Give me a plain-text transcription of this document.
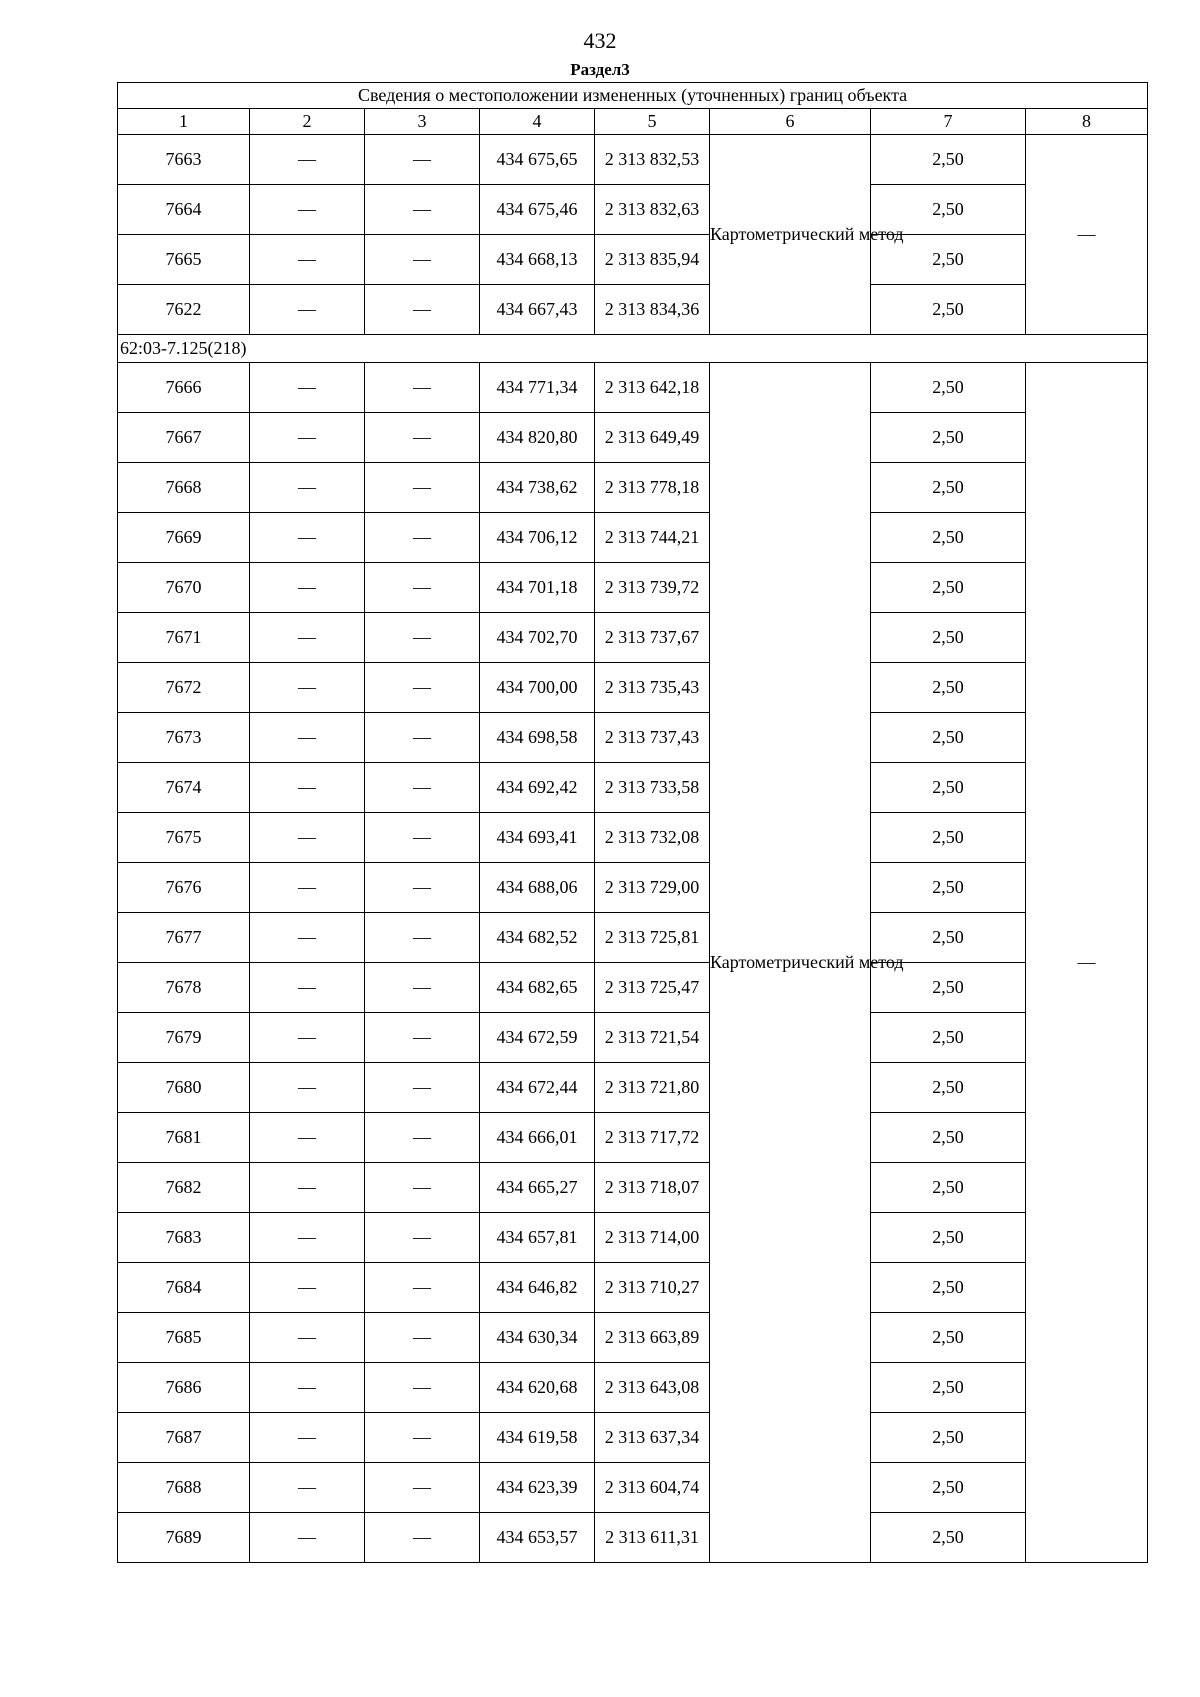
432
Раздел3
Сведения о местоположении измененных (уточненных) границ объекта							
1	2	3	4	5	6	7	8
7663	—	—	434 675,65	2 313 832,53	Картометрический метод	2,50	—
7664	—	—	434 675,46	2 313 832,63		2,50	
7665	—	—	434 668,13	2 313 835,94		2,50	
7622	—	—	434 667,43	2 313 834,36		2,50	
62:03-7.125(218)							
7666	—	—	434 771,34	2 313 642,18	Картометрический метод	2,50	—
7667	—	—	434 820,80	2 313 649,49		2,50	
7668	—	—	434 738,62	2 313 778,18		2,50	
7669	—	—	434 706,12	2 313 744,21		2,50	
7670	—	—	434 701,18	2 313 739,72		2,50	
7671	—	—	434 702,70	2 313 737,67		2,50	
7672	—	—	434 700,00	2 313 735,43		2,50	
7673	—	—	434 698,58	2 313 737,43		2,50	
7674	—	—	434 692,42	2 313 733,58		2,50	
7675	—	—	434 693,41	2 313 732,08		2,50	
7676	—	—	434 688,06	2 313 729,00		2,50	
7677	—	—	434 682,52	2 313 725,81		2,50	
7678	—	—	434 682,65	2 313 725,47		2,50	
7679	—	—	434 672,59	2 313 721,54		2,50	
7680	—	—	434 672,44	2 313 721,80		2,50	
7681	—	—	434 666,01	2 313 717,72		2,50	
7682	—	—	434 665,27	2 313 718,07		2,50	
7683	—	—	434 657,81	2 313 714,00		2,50	
7684	—	—	434 646,82	2 313 710,27		2,50	
7685	—	—	434 630,34	2 313 663,89		2,50	
7686	—	—	434 620,68	2 313 643,08		2,50	
7687	—	—	434 619,58	2 313 637,34		2,50	
7688	—	—	434 623,39	2 313 604,74		2,50	
7689	—	—	434 653,57	2 313 611,31		2,50	
